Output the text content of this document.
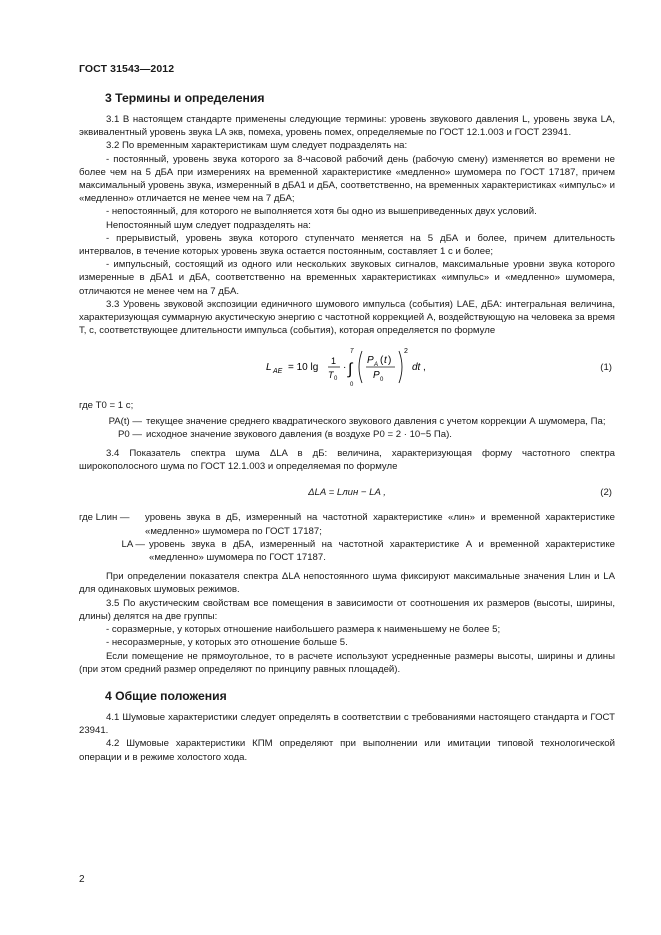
ГОСТ 31543—2012
3 Термины и определения

3.1 В настоящем стандарте применены следующие термины: уровень звукового давления L, уровень звука LA, эквивалентный уровень звука LA экв, помеха, уровень помех, определяемые по ГОСТ 12.1.003 и ГОСТ 23941.

3.2 По временным характеристикам шум следует подразделять на:

- постоянный, уровень звука которого за 8-часовой рабочий день (рабочую смену) изменяется во времени не более чем на 5 дБА при измерениях на временной характеристике «медленно» шумомера по ГОСТ 17187, причем максимальный уровень звука, измеренный в дБА1 и дБА, соответственно, на временных характеристиках «импульс» и «медленно» отличается не менее чем на 7 дБА;

- непостоянный, для которого не выполняется хотя бы одно из вышеприведенных двух условий.

Непостоянный шум следует подразделять на:

- прерывистый, уровень звука которого ступенчато меняется на 5 дБА и более, причем длительность интервалов, в течение которых уровень звука остается постоянным, составляет 1 с и более;

- импульсный, состоящий из одного или нескольких звуковых сигналов, максимальные уровни звука которого измеренные в дБА1 и дБА, соответственно на временных характеристиках «импульс» и «медленно» шумомера, отличаются не менее чем на 7 дБА.

3.3 Уровень звуковой экспозиции единичного шумового импульса (события) LAE, дБА: интегральная величина, характеризующая суммарную акустическую энергию с частотной коррекцией А, воздействующую на человека за время Т, с, соответствующее длительности импульса (события), которая определяется по формуле

L AE = 10 lg
1
T 0
· ∫
T
0
P A ( t )
P 0
2
dt ,	(1)

где T0 = 1 с;

PA(t) — текущее значение среднего квадратического звукового давления с учетом коррекции А шумомера, Па;
P0 — исходное значение звукового давления (в воздухе P0 = 2 · 10−5 Па).

3.4 Показатель спектра шума ΔLA в дБ: величина, характеризующая форму частотного спектра широкополосного шума по ГОСТ 12.1.003 и определяемая по формуле

ΔLA = Lлин − LA ,	(2)
где Lлин —	уровень звука в дБ, измеренный на частотной характеристике «лин» и временной характеристике «медленно» шумомера по ГОСТ 17187;
LA — уровень звука в дБА, измеренный на частотной характеристике А и временной характеристике «медленно» шумомера по ГОСТ 17187.

При определении показателя спектра ΔLA непостоянного шума фиксируют максимальные значения Lлин и LA для одинаковых шумовых режимов.

3.5 По акустическим свойствам все помещения в зависимости от соотношения их размеров (высоты, ширины, длины) делятся на две группы:

- соразмерные, у которых отношение наибольшего размера к наименьшему не более 5;

- несоразмерные, у которых это отношение больше 5.

Если помещение не прямоугольное, то в расчете используют усредненные размеры высоты, ширины и длины (при этом средний размер определяют по принципу равных площадей).

4 Общие положения

4.1 Шумовые характеристики следует определять в соответствии с требованиями настоящего стандарта и ГОСТ 23941.

4.2 Шумовые характеристики КПМ определяют при выполнении или имитации типовой технологической операции и в режиме холостого хода.

2
